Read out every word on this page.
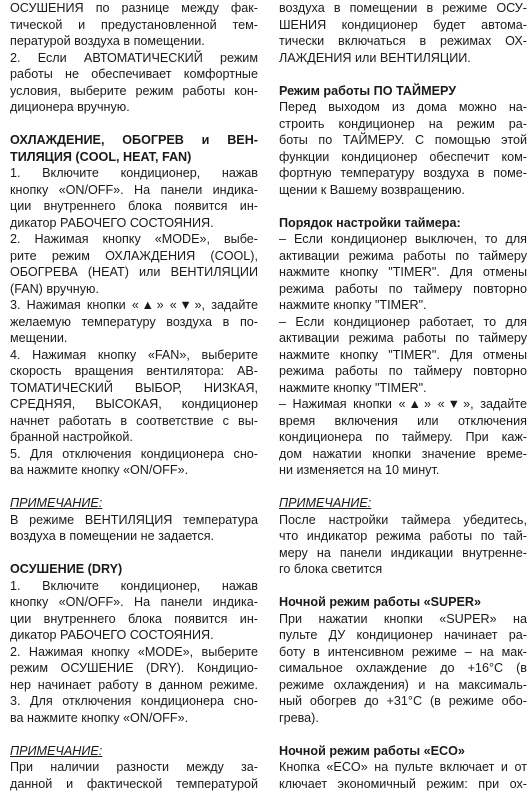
ОСУШЕНИЯ по разнице между фак-
тической и предустановленной тем-
пературой воздуха в помещении.
2. Если АВТОМАТИЧЕСКИЙ режим
работы не обеспечивает комфортные
условия, выберите режим работы кон-
диционера вручную.
ОХЛАЖДЕНИЕ, ОБОГРЕВ и ВЕН-
ТИЛЯЦИЯ (COOL, HEAT, FAN)
1. Включите кондиционер, нажав
кнопку «ON/OFF». На панели индика-
ции внутреннего блока появится ин-
дикатор РАБОЧЕГО СОСТОЯНИЯ.
2. Нажимая кнопку «MODE», выбе-
рите режим ОХЛАЖДЕНИЯ (COOL),
ОБОГРЕВА (HEAT) или ВЕНТИЛЯЦИИ
(FAN) вручную.
3. Нажимая кнопки «▲» «▼», задайте
желаемую температуру воздуха в по-
мещении.
4. Нажимая кнопку «FAN», выберите
скорость вращения вентилятора: АВ-
ТОМАТИЧЕСКИЙ ВЫБОР, НИЗКАЯ,
СРЕДНЯЯ, ВЫСОКАЯ, кондиционер
начнет работать в соответствие с вы-
бранной настройкой.
5. Для отключения кондиционера сно-
ва нажмите кнопку «ON/OFF».
ПРИМЕЧАНИЕ:
В режиме ВЕНТИЛЯЦИЯ температура
воздуха в помещении не задается.
ОСУШЕНИЕ (DRY)
1. Включите кондиционер, нажав
кнопку «ON/OFF». На панели индика-
ции внутреннего блока появится ин-
дикатор РАБОЧЕГО СОСТОЯНИЯ.
2. Нажимая кнопку «MODE», выберите
режим ОСУШЕНИЕ (DRY). Кондицио-
нер начинает работу в данном режиме.
3. Для отключения кондиционера сно-
ва нажмите кнопку «ON/OFF».
ПРИМЕЧАНИЕ:
При наличии разности между за-
данной и фактической температурой
воздуха в помещении в режиме ОСУ-
ШЕНИЯ кондиционер будет автома-
тически включаться в режимах ОХ-
ЛАЖДЕНИЯ или ВЕНТИЛЯЦИИ.
Режим работы ПО ТАЙМЕРУ
Перед выходом из дома можно на-
строить кондиционер на режим ра-
боты по ТАЙМЕРУ. С помощью этой
функции кондиционер обеспечит ком-
фортную температуру воздуха в поме-
щении к Вашему возвращению.
Порядок настройки таймера:
– Если кондиционер выключен, то для
активации режима работы по таймеру
нажмите кнопку "TIMER". Для отмены
режима работы по таймеру повторно
нажмите кнопку "TIMER".
– Если кондиционер работает, то для
активации режима работы по таймеру
нажмите кнопку "TIMER". Для отмены
режима работы по таймеру повторно
нажмите кнопку "TIMER".
– Нажимая кнопки «▲» «▼», задайте
время включения или отключения
кондиционера по таймеру. При каж-
дом нажатии кнопки значение време-
ни изменяется на 10 минут.
ПРИМЕЧАНИЕ:
После настройки таймера убедитесь,
что индикатор режима работы по тай-
меру на панели индикации внутренне-
го блока светится
Ночной режим работы «SUPER»
При нажатии кнопки «SUPER» на
пульте ДУ кондиционер начинает ра-
боту в интенсивном режиме – на мак-
симальное охлаждение до +16°С (в
режиме охлаждения) и на максималь-
ный обогрев до +31°С (в режиме обо-
грева).
Ночной режим работы «ECO»
Кнопка «ECO» на пульте включает и от
ключает экономичный режим: при ох-
